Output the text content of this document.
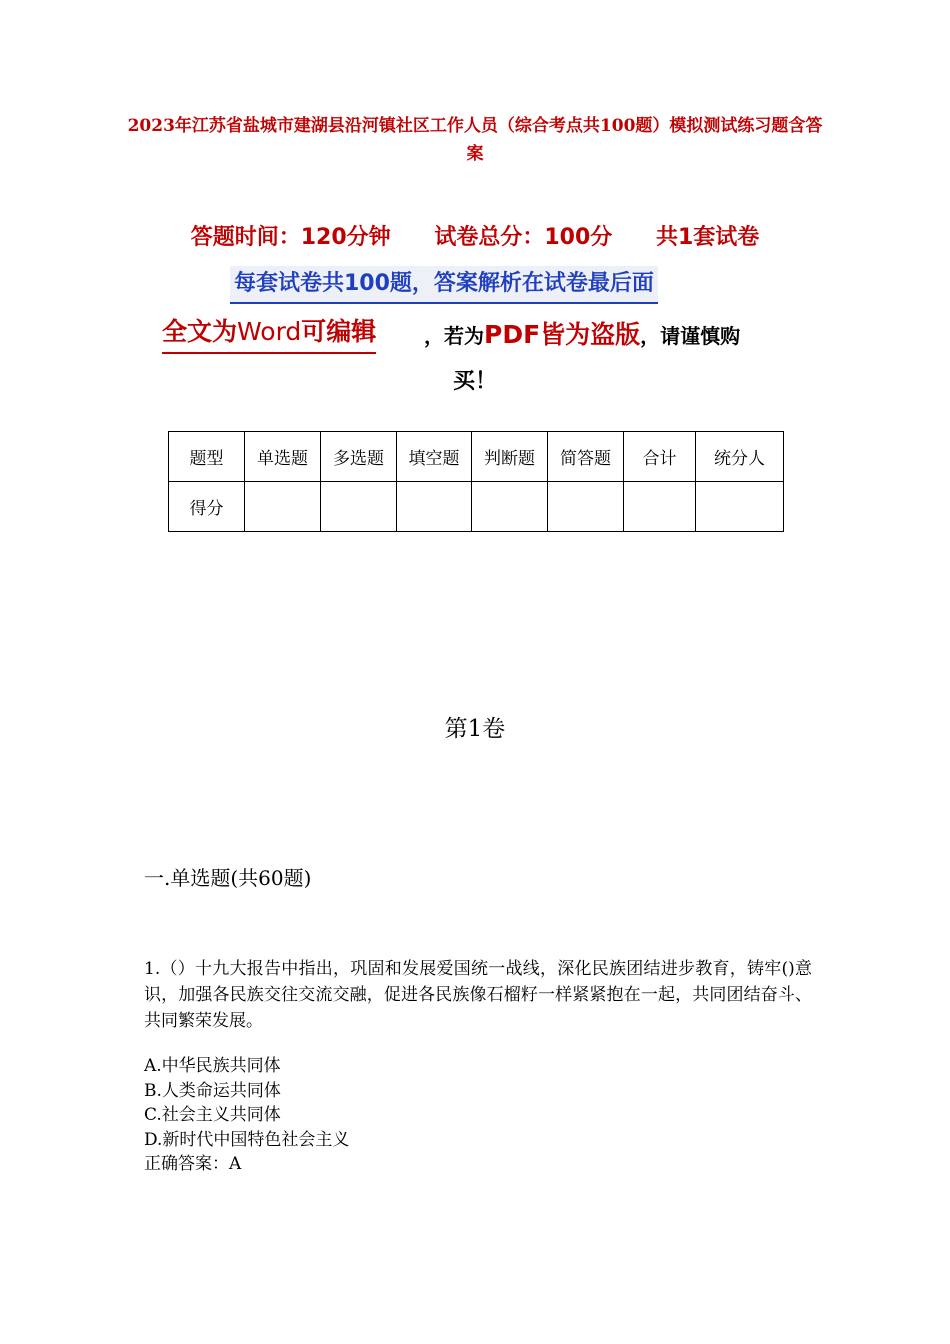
2023年江苏省盐城市建湖县沿河镇社区工作人员（综合考点共100题）模拟测试练习题含答案
答题时间：120分钟 试卷总分：100分 共1套试卷
每套试卷共100题，答案解析在试卷最后面
全文为Word可编辑 ，若为PDF皆为盗版，请谨慎购
买！
题型	单选题	多选题	填空题	判断题	简答题	合计	统分人
得分							
第1卷
一.单选题(共60题)
1.（）十九大报告中指出，巩固和发展爱国统一战线，深化民族团结进步教育，铸牢()意识，加强各民族交往交流交融，促进各民族像石榴籽一样紧紧抱在一起，共同团结奋斗、共同繁荣发展。
A.中华民族共同体
B.人类命运共同体
C.社会主义共同体
D.新时代中国特色社会主义
正确答案：A
